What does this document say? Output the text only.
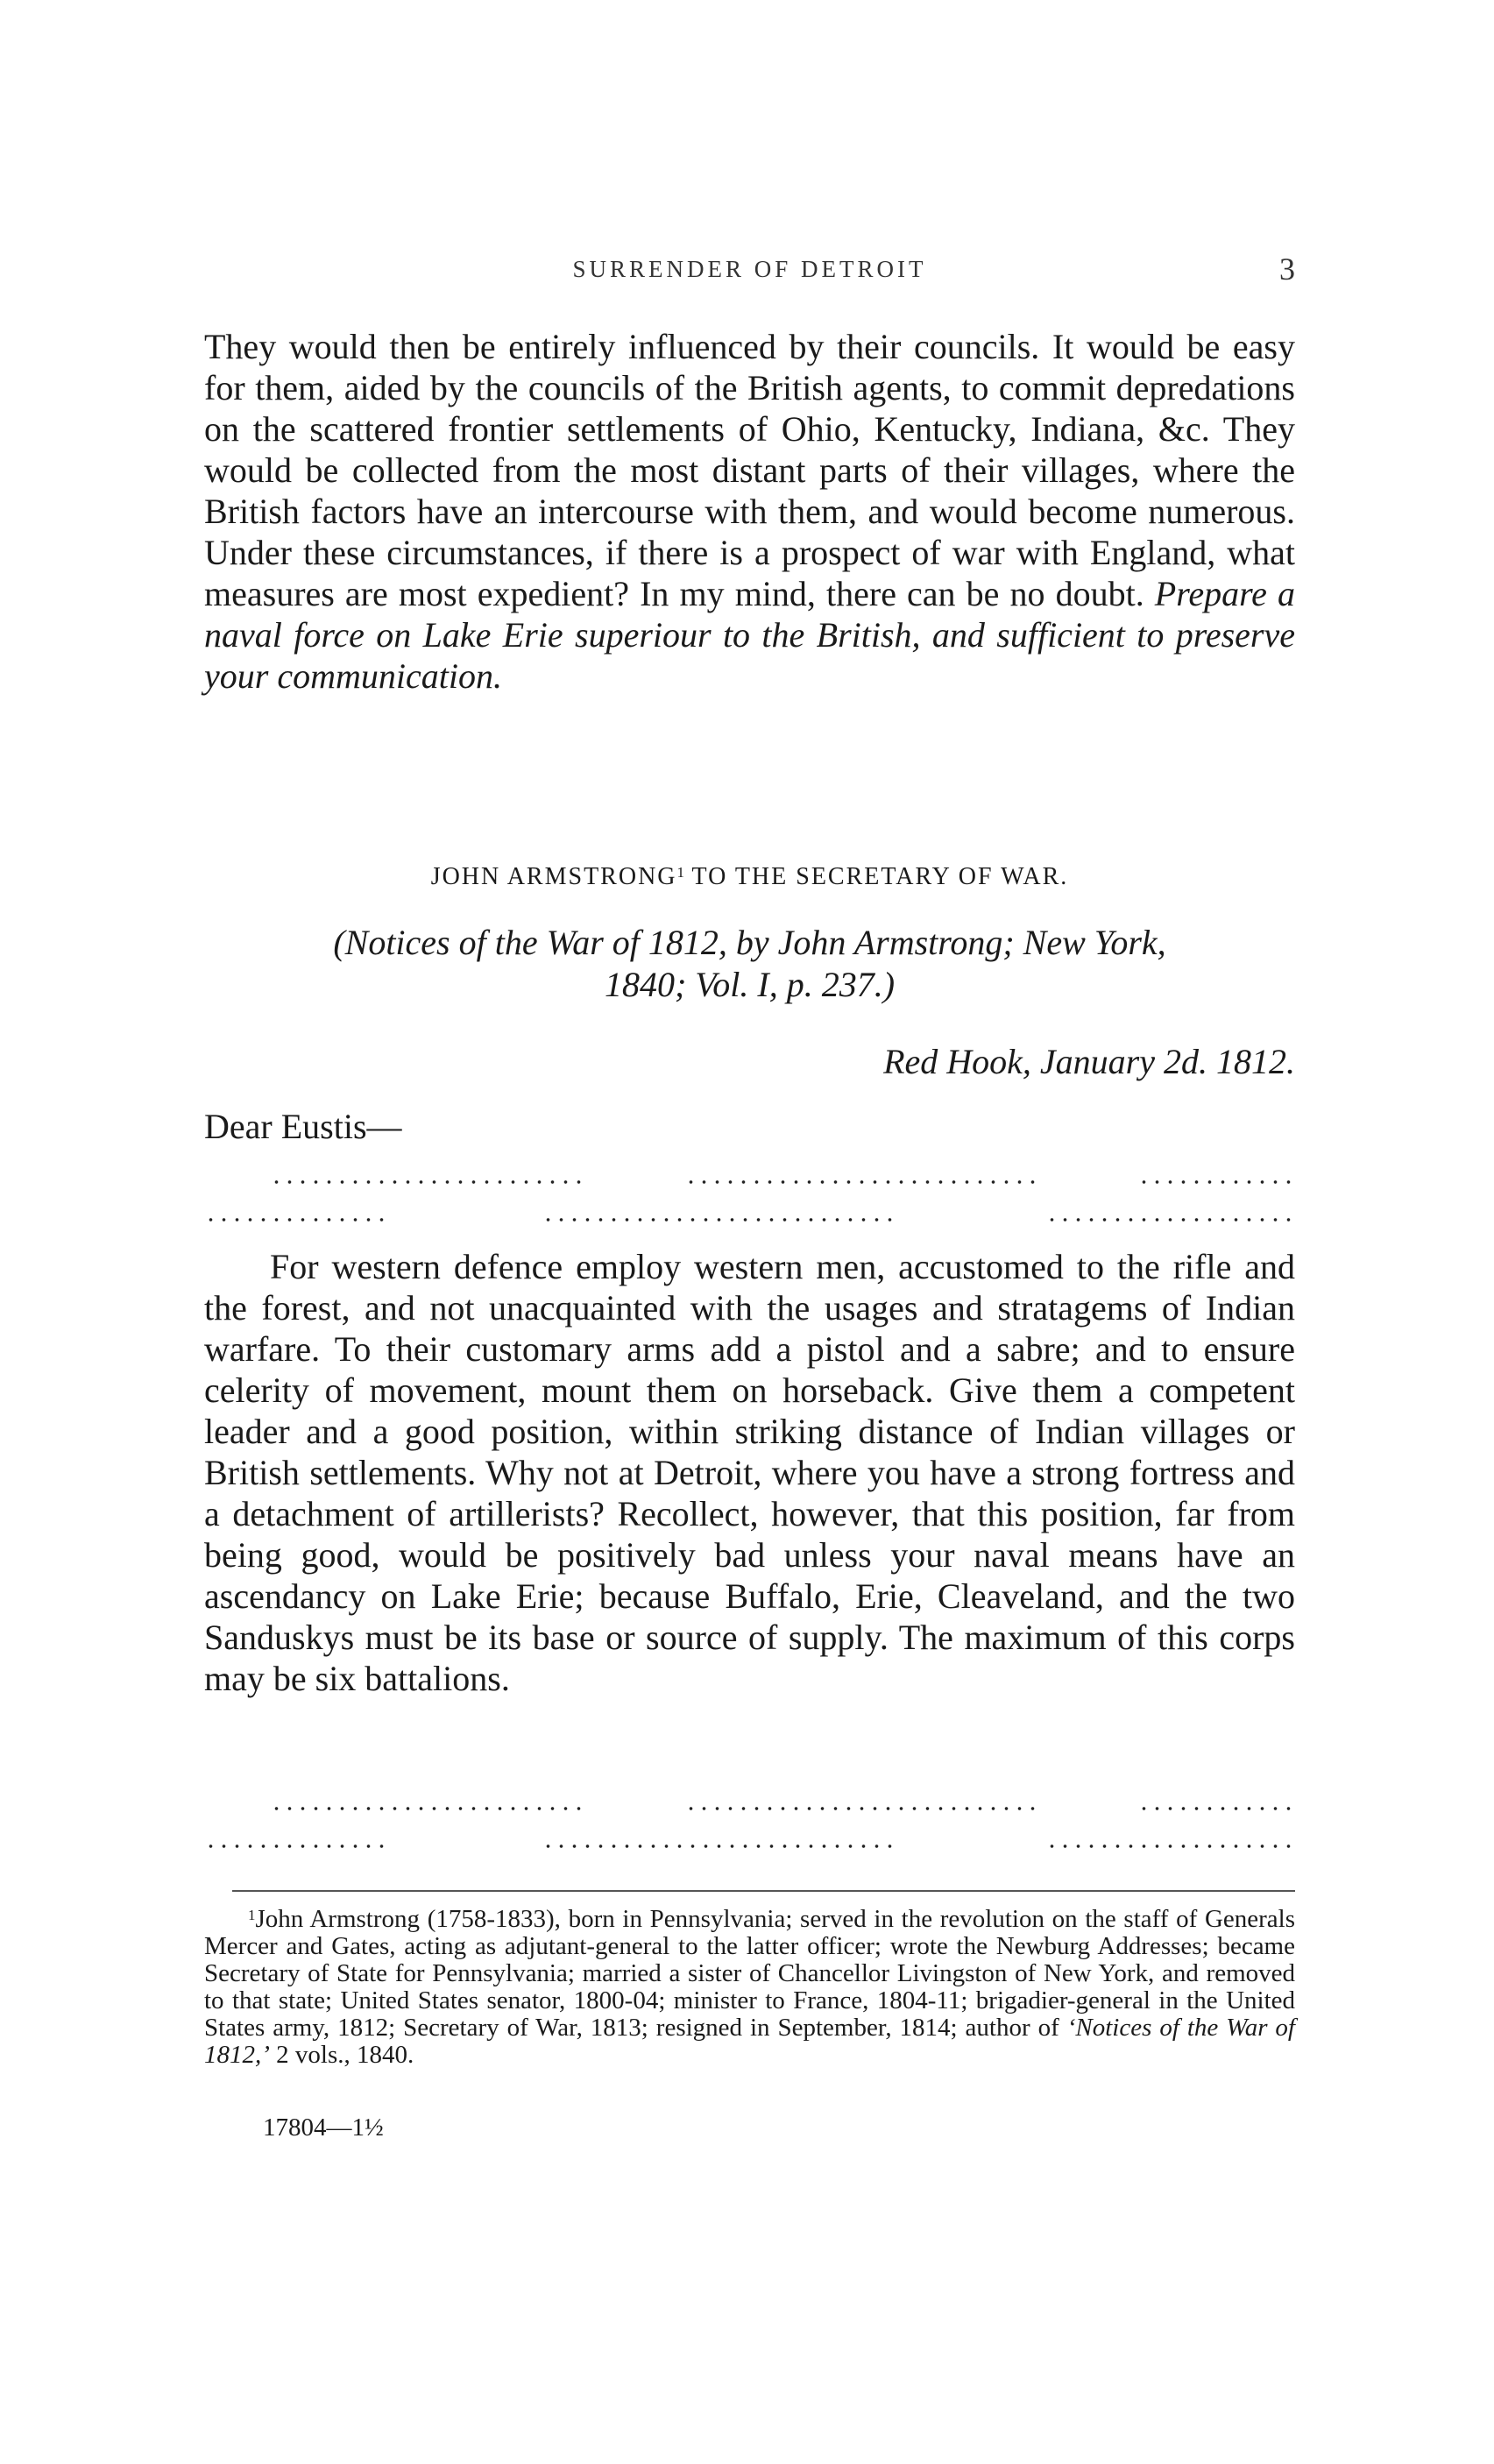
SURRENDER OF DETROIT	3

They would then be entirely influenced by their councils. It would be easy for them, aided by the councils of the British agents, to commit depredations on the scattered frontier settlements of Ohio, Kentucky, Indiana, &c. They would be collected from the most distant parts of their villages, where the British factors have an intercourse with them, and would become numerous. Under these circumstances, if there is a prospect of war with England, what measures are most expedient? In my mind, there can be no doubt. Prepare a naval force on Lake Erie superiour to the British, and sufficient to preserve your communication.

JOHN ARMSTRONG$^1$ TO THE SECRETARY OF WAR.
(Notices of the War of 1812, by John Armstrong; New York,
1840; Vol. I, p. 237.)
Red Hook, January 2d. 1812.
Dear Eustis—

For western defence employ western men, accustomed to the rifle and the forest, and not unacquainted with the usages and stratagems of Indian warfare. To their customary arms add a pistol and a sabre; and to ensure celerity of movement, mount them on horseback. Give them a competent leader and a good position, within striking distance of Indian villages or British settlements. Why not at Detroit, where you have a strong fortress and a detachment of artillerists? Recollect, however, that this position, far from being good, would be positively bad unless your naval means have an ascendancy on Lake Erie; because Buffalo, Erie, Cleaveland, and the two Sanduskys must be its base or source of supply. The maximum of this corps may be six battalions.

$^1$John Armstrong (1758-1833), born in Pennsylvania; served in the revolution on the staff of Generals Mercer and Gates, acting as adjutant-general to the latter officer; wrote the Newburg Addresses; became Secretary of State for Pennsylvania; married a sister of Chancellor Livingston of New York, and removed to that state; United States senator, 1800-04; minister to France, 1804-11; brigadier-general in the United States army, 1812; Secretary of War, 1813; resigned in September, 1814; author of ‘Notices of the War of 1812,’ 2 vols., 1840.

17804—1½
